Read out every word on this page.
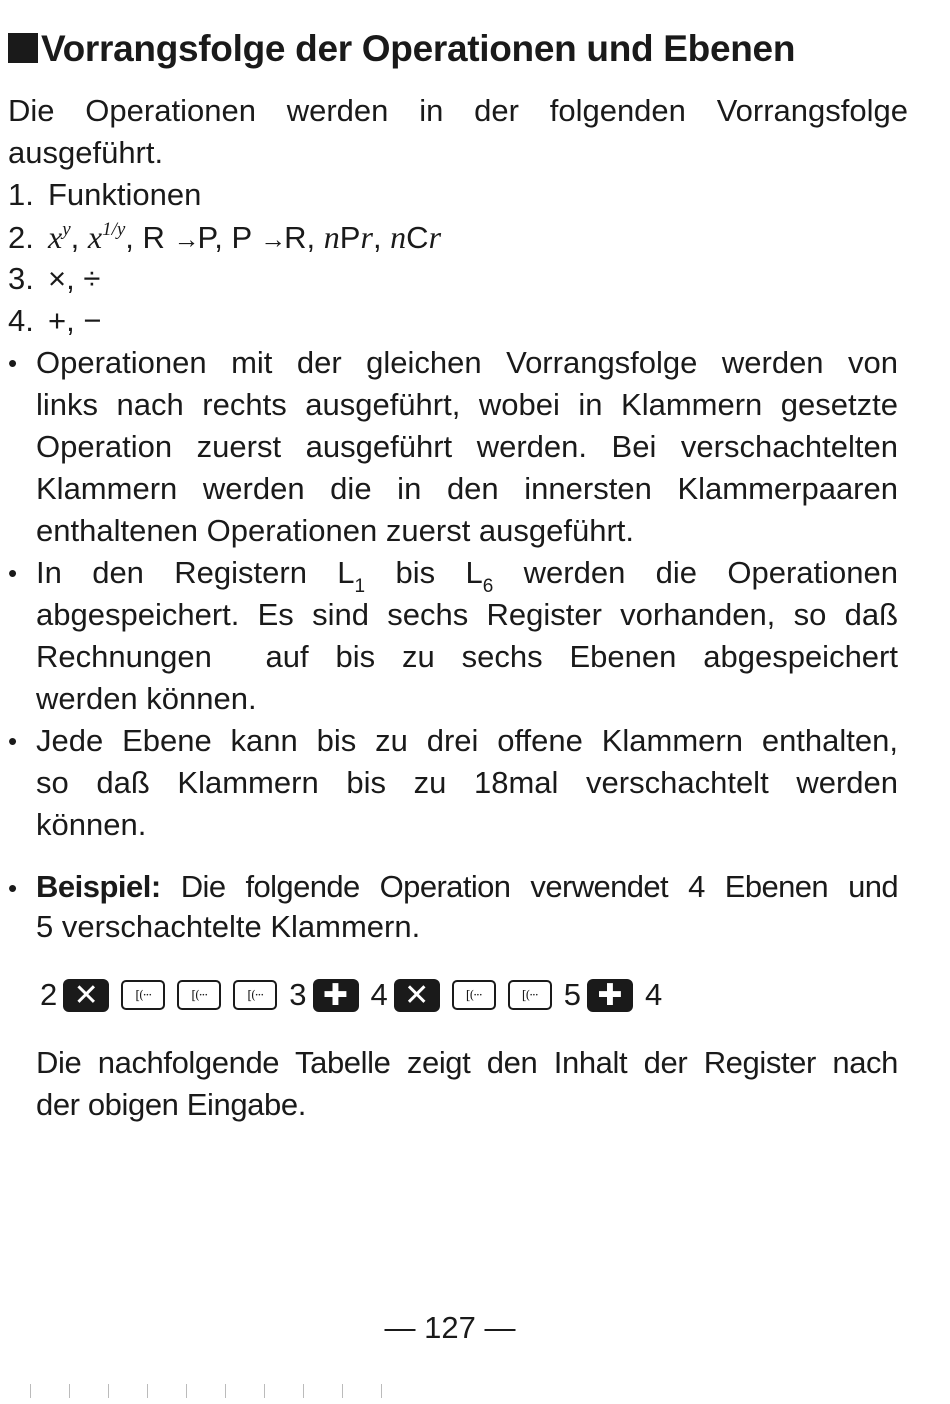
Vorrangsfolge der Operationen und Ebenen

Die Operationen werden in der folgenden Vorrangsfolge
ausgeführt.

1. Funktionen
2. $x^y$, $x^{1/y}$, R →P, P →R, nPr, nCr
3. ×, ÷
4. +, −
• Operationen mit der gleichen Vorrangsfolge werden von
links nach rechts ausgeführt, wobei in Klammern gesetzte
Operation zuerst ausgeführt werden. Bei verschachtelten
Klammern werden die in den innersten Klammerpaaren
enthaltenen Operationen zuerst ausgeführt.
• In den Registern $L_1$ bis $L_6$ werden die Operationen
abgespeichert. Es sind sechs Register vorhanden, so daß
Rechnungen  auf bis zu sechs Ebenen abgespeichert
werden können.
• Jede Ebene kann bis zu drei offene Klammern enthalten,
so daß Klammern bis zu 18mal verschachtelt werden
können.
• Beispiel: Die folgende Operation verwendet 4 Ebenen und
5 verschachtelte Klammern.
2 ✕	[(···	[(···	[(··· 3 ✚ 4 ✕	[(···	[(··· 5 ✚ 4

Die nachfolgende Tabelle zeigt den Inhalt der Register nach
der obigen Eingabe.

— 127 —
